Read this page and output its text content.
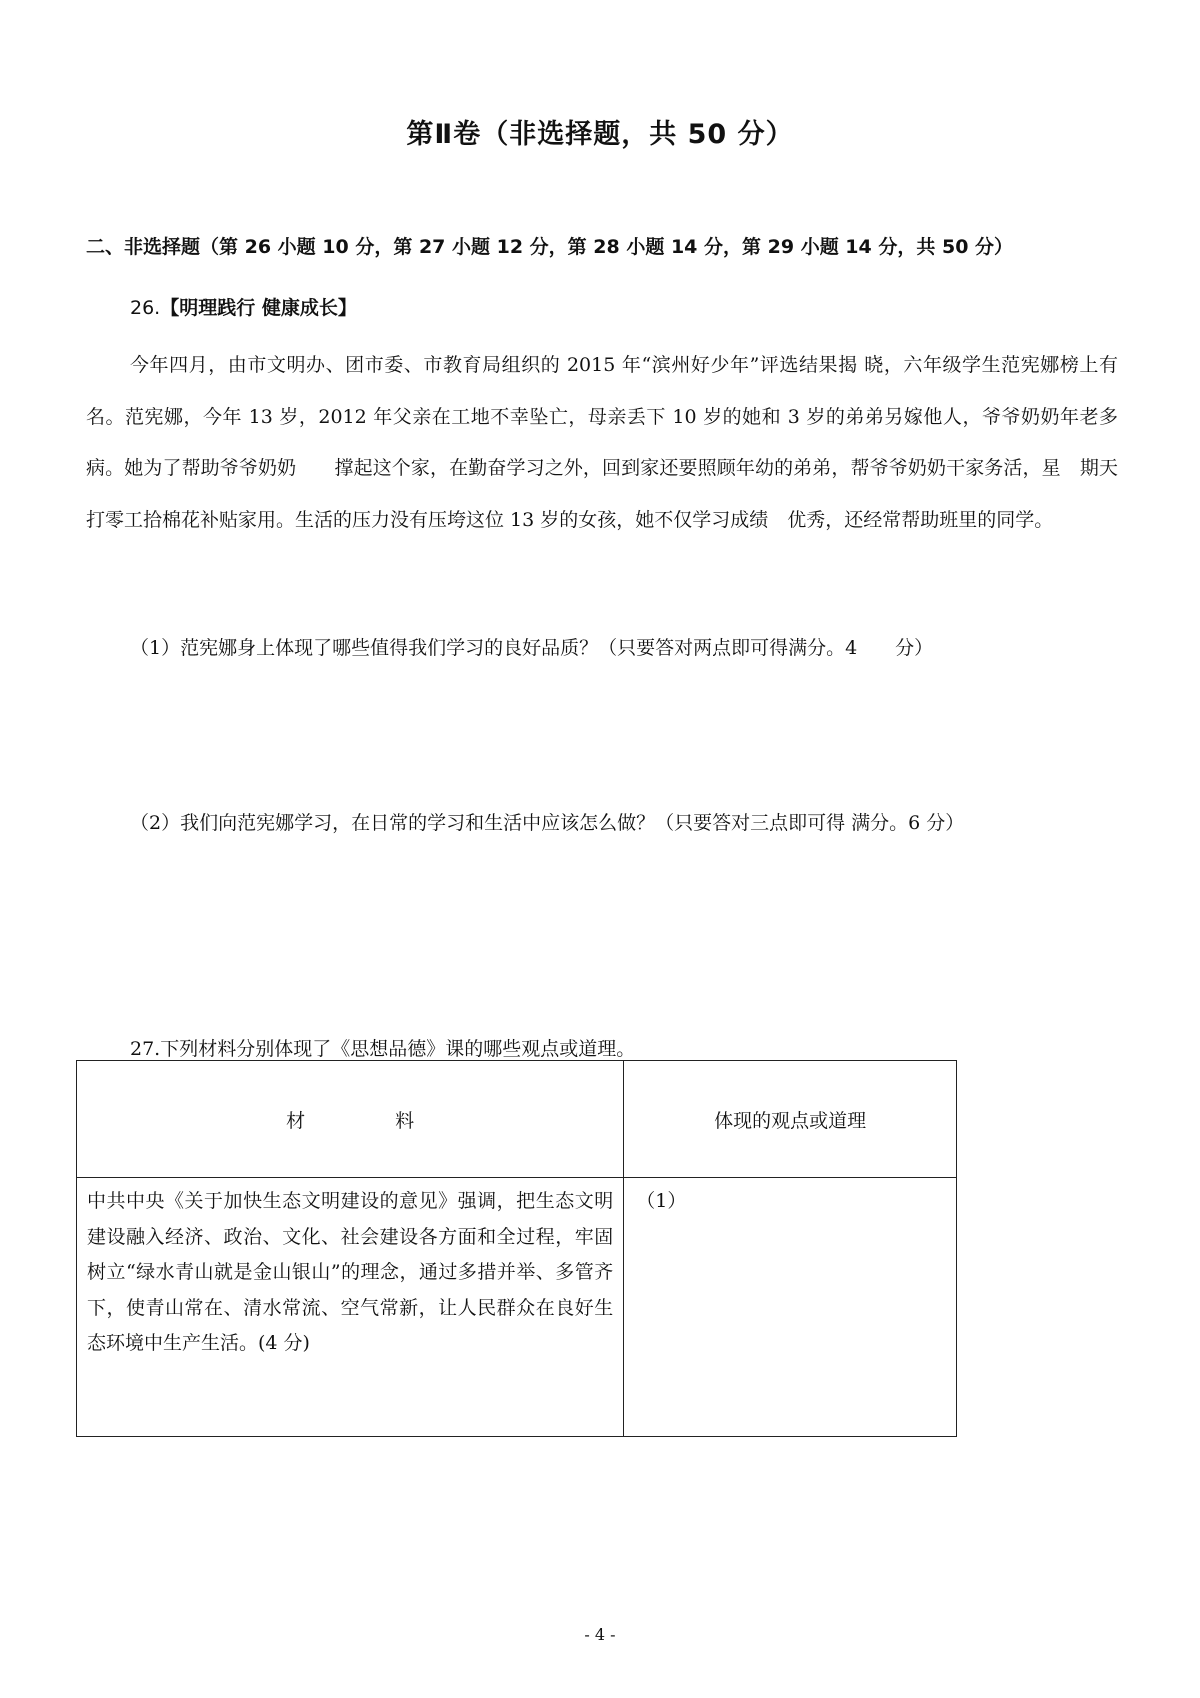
第Ⅱ卷（非选择题，共 50 分）
二、非选择题（第 26 小题 10 分，第 27 小题 12 分，第 28 小题 14 分，第 29 小题 14 分，共 50 分）
26.【明理践行 健康成长】
今年四月，由市文明办、团市委、市教育局组织的 2015 年“滨州好少年”评选结果揭 晓，六年级学生范宪娜榜上有名。范宪娜，今年 13 岁，2012 年父亲在工地不幸坠亡，母亲丢下 10 岁的她和 3 岁的弟弟另嫁他人，爷爷奶奶年老多病。她为了帮助爷爷奶奶　　撑起这个家，在勤奋学习之外，回到家还要照顾年幼的弟弟，帮爷爷奶奶干家务活，星　期天打零工拾棉花补贴家用。生活的压力没有压垮这位 13 岁的女孩，她不仅学习成绩　优秀，还经常帮助班里的同学。
（1）范宪娜身上体现了哪些值得我们学习的良好品质？（只要答对两点即可得满分。4　　分）
（2）我们向范宪娜学习，在日常的学习和生活中应该怎么做？（只要答对三点即可得 满分。6 分）
27.下列材料分别体现了《思想品德》课的哪些观点或道理。
材 料	体现的观点或道理
中共中央《关于加快生态文明建设的意见》强调，把生态文明建设融入经济、政治、文化、社会建设各方面和全过程，牢固树立“绿水青山就是金山银山”的理念，通过多措并举、多管齐下，使青山常在、清水常流、空气常新，让人民群众在良好生态环境中生产生活。(4 分)	（1）
- 4 -
